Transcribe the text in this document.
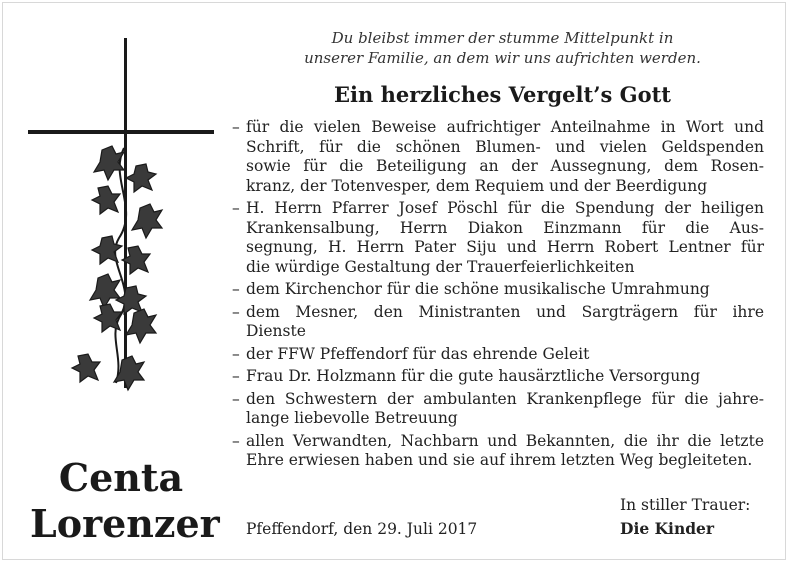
Du bleibst immer der stumme Mittelpunkt in
unserer Familie, an dem wir uns aufrichten werden.
Ein herzliches Vergelt’s Gott
– für die vielen Beweise aufrichtiger Anteilnahme in Wort und
Schrift, für die schönen Blumen- und vielen Geldspenden
sowie für die Beteiligung an der Aussegnung, dem Rosen-
kranz, der Totenvesper, dem Requiem und der Beerdigung
– H. Herrn Pfarrer Josef Pöschl für die Spendung der heiligen
Krankensalbung, Herrn Diakon Einzmann für die Aus-
segnung, H. Herrn Pater Siju und Herrn Robert Lentner für
die würdige Gestaltung der Trauerfeierlichkeiten
– dem Kirchenchor für die schöne musikalische Umrahmung
– dem Mesner, den Ministranten und Sargträgern für ihre
Dienste
– der FFW Pfeffendorf für das ehrende Geleit
– Frau Dr. Holzmann für die gute hausärztliche Versorgung
– den Schwestern der ambulanten Krankenpflege für die jahre-
lange liebevolle Betreuung
– allen Verwandten, Nachbarn und Bekannten, die ihr die letzte
Ehre erwiesen haben und sie auf ihrem letzten Weg begleiteten.
Centa
Lorenzer Pfeffendorf, den 29. Juli 2017
In stiller Trauer:
Die Kinder
